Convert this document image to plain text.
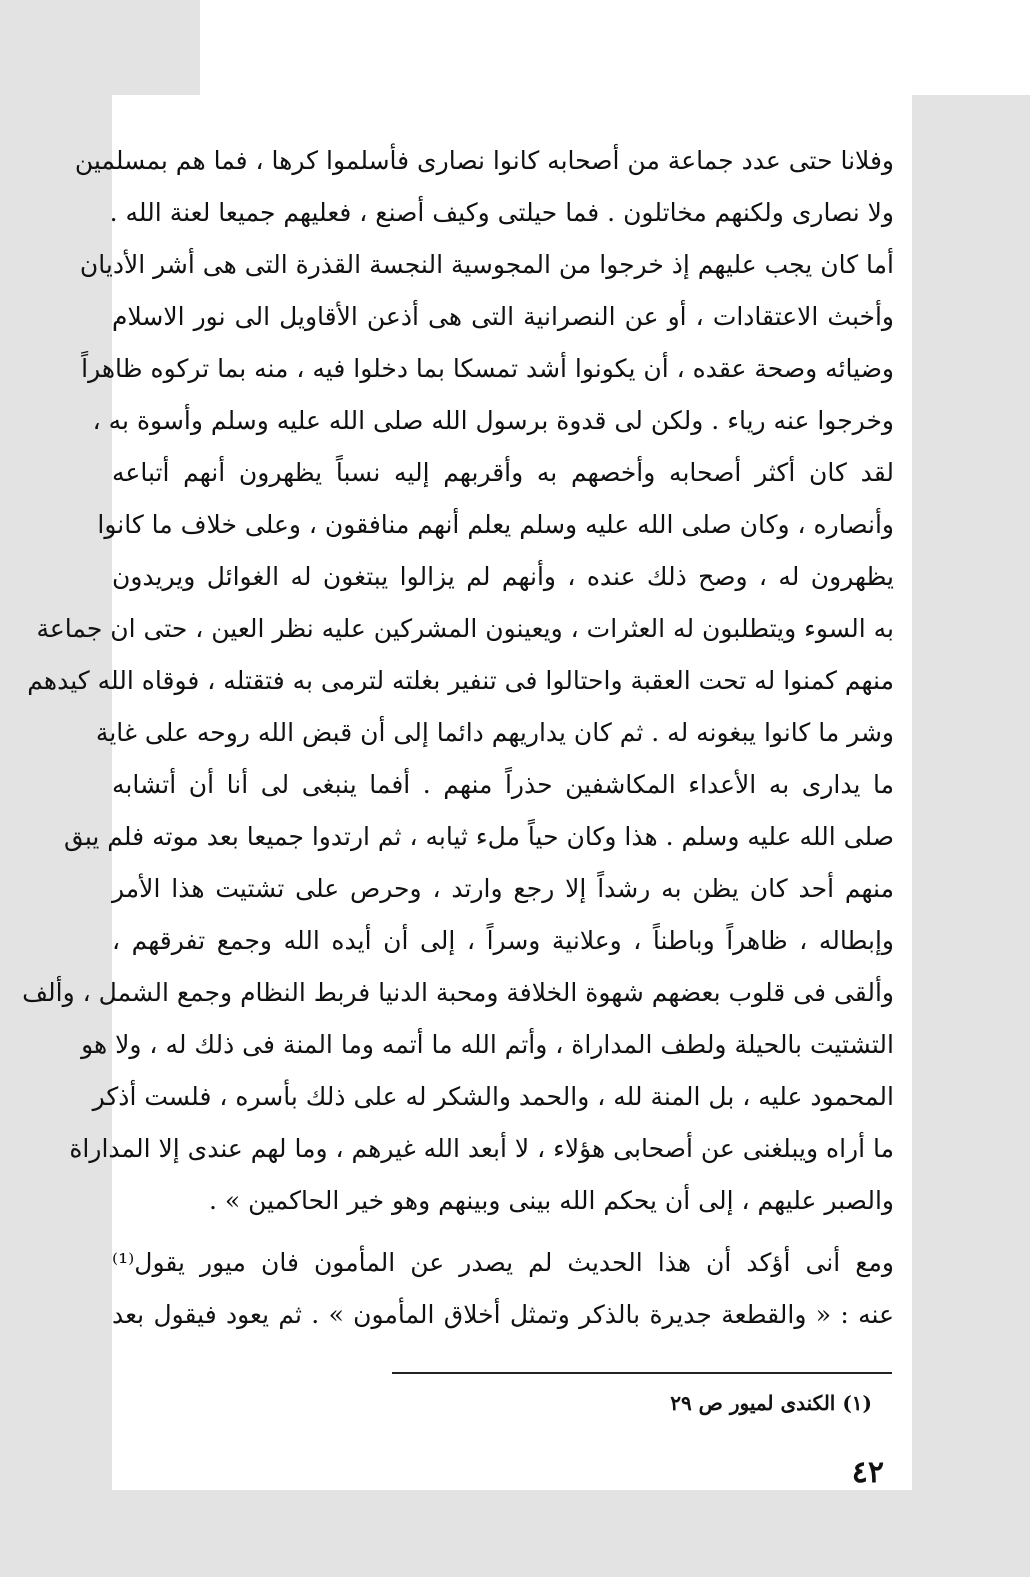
وفلانا حتى عدد جماعة من أصحابه كانوا نصارى فأسلموا كرها ، فما هم بمسلمين
ولا نصارى ولكنهم مخاتلون . فما حيلتى وكيف أصنع ، فعليهم جميعا لعنة الله .
أما كان يجب عليهم إذ خرجوا من المجوسية النجسة القذرة التى هى أشر الأديان
وأخبث الاعتقادات ، أو عن النصرانية التى هى أذعن الأقاويل الى نور الاسلام
وضيائه وصحة عقده ، أن يكونوا أشد تمسكا بما دخلوا فيه ، منه بما تركوه ظاهراً
وخرجوا عنه رياء . ولكن لى قدوة برسول الله صلى الله عليه وسلم وأسوة به ،
لقد كان أكثر أصحابه وأخصهم به وأقربهم إليه نسباً يظهرون أنهم أتباعه
وأنصاره ، وكان صلى الله عليه وسلم يعلم أنهم منافقون ، وعلى خلاف ما كانوا
يظهرون له ، وصح ذلك عنده ، وأنهم لم يزالوا يبتغون له الغوائل ويريدون
به السوء ويتطلبون له العثرات ، ويعينون المشركين عليه نظر العين ، حتى ان جماعة
منهم كمنوا له تحت العقبة واحتالوا فى تنفير بغلته لترمى به فتقتله ، فوقاه الله كيدهم
وشر ما كانوا يبغونه له . ثم كان يداريهم دائما إلى أن قبض الله روحه على غاية
ما يدارى به الأعداء المكاشفين حذراً منهم . أفما ينبغى لى أنا أن أتشابه
صلى الله عليه وسلم . هذا وكان حياً ملء ثيابه ، ثم ارتدوا جميعا بعد موته فلم يبق
منهم أحد كان يظن به رشداً إلا رجع وارتد ، وحرص على تشتيت هذا الأمر
وإبطاله ، ظاهراً وباطناً ، وعلانية وسراً ، إلى أن أيده الله وجمع تفرقهم ،
وألقى فى قلوب بعضهم شهوة الخلافة ومحبة الدنيا فربط النظام وجمع الشمل ، وألف
التشتيت بالحيلة ولطف المداراة ، وأتم الله ما أتمه وما المنة فى ذلك له ، ولا هو
المحمود عليه ، بل المنة لله ، والحمد والشكر له على ذلك بأسره ، فلست أذكر
ما أراه ويبلغنى عن أصحابى هؤلاء ، لا أبعد الله غيرهم ، وما لهم عندى إلا المداراة
والصبر عليهم ، إلى أن يحكم الله بينى وبينهم وهو خير الحاكمين » .
ومع أنى أؤكد أن هذا الحديث لم يصدر عن المأمون فان ميور يقول⁽¹⁾
عنه : « والقطعة جديرة بالذكر وتمثل أخلاق المأمون » . ثم يعود فيقول بعد
(١) الكندى لميور ص ٢٩
٤٢
